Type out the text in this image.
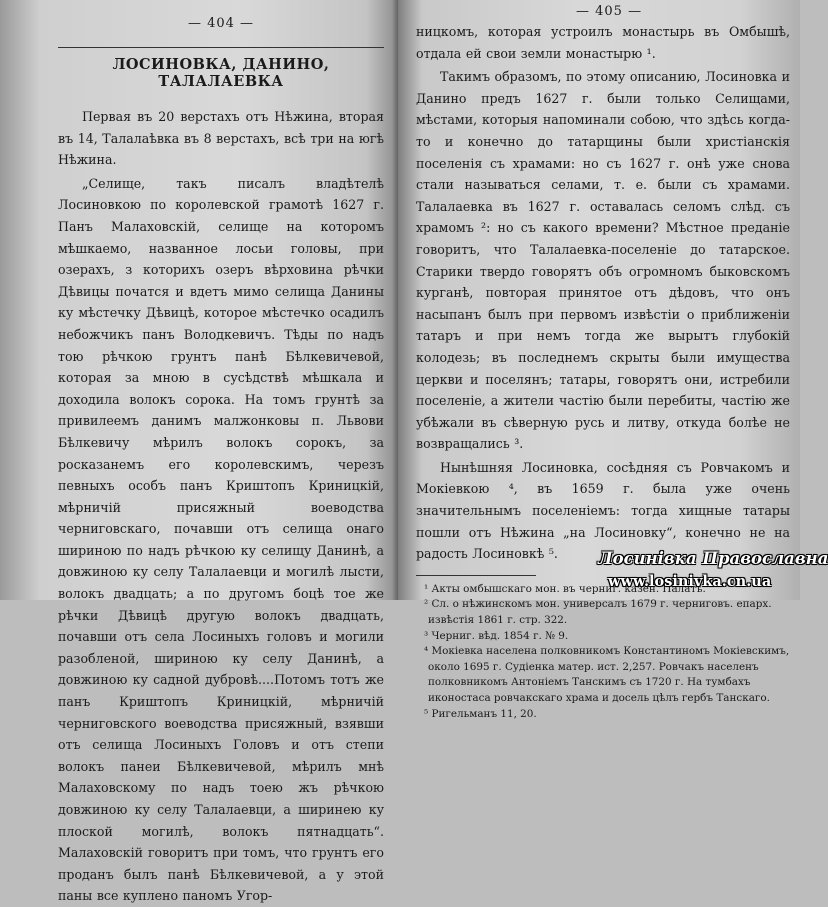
— 404 —
ЛОСИНОВКА, ДАНИНО, ТАЛАЛАЕВКА

Первая въ 20 верстахъ отъ Нѣжина, вторая въ 14, Талалаѣвка въ 8 верстахъ, всѣ три на югѣ Нѣжина.

„Селище, такъ писалъ владѣтелѣ Лосиновкою по королевской грамотѣ 1627 г. Панъ Малаховскій, селище на которомъ мѣшкаемо, названное лосьи головы, при озерахъ, з которихъ озеръ вѣрховина рѣчки Дѣвицы початся и вдетъ мимо селища Данины ку мѣстечку Дѣвицѣ, которое мѣстечко осадилъ небожчикъ панъ Володкевичъ. Тѣды по надъ тою рѣчкою грунтъ панѣ Бѣлкевичевой, которая за мною в сусѣдствѣ мѣшкала и доходила волокъ сорока. На томъ грунтѣ за привилеемъ данимъ малжонковы п. Львови Бѣлкевичу мѣрилъ волокъ сорокъ, за росказанемъ его королевскимъ, черезъ певныхъ особъ панъ Криштопъ Криницкій, мѣрничій присяжный воеводства черниговскаго, почавши отъ селища онаго шириною по надъ рѣчкою ку селищу Данинѣ, а довжиною ку селу Талалаевци и могилѣ лысти, волокъ двадцать; а по другомъ боцѣ тое же рѣчки Дѣвицѣ другую волокъ двадцать, почавши отъ села Лосиныхъ головъ и могили разобленой, шириною ку селу Данинѣ, а довжиною ку садной дубровѣ....Потомъ тотъ же панъ Криштопъ Криницкій, мѣрничій черниговского воеводства присяжный, взявши отъ селища Лосиныхъ Головъ и отъ степи волокъ панеи Бѣлкевичевой, мѣрилъ мнѣ Малаховскому по надъ тоею жъ рѣчкою довжиною ку селу Талалаевци, а ширинею ку плоской могилѣ, волокъ пятнадцать“. Малаховскій говоритъ при томъ, что грунтъ его проданъ былъ панѣ Бѣлкевичевой, а у этой паны все куплено паномъ Угор-

— 405 —

ницкомъ, которая устроилъ монастырь въ Омбышѣ, отдала ей свои земли монастырю ¹.

Такимъ образомъ, по этому описанию, Лосиновка и Данино предъ 1627 г. были только Селищами, мѣстами, которыя напоминали собою, что здѣсь когда-то и конечно до татарщины были христіанскія поселенія съ храмами: но съ 1627 г. онѣ уже снова стали называться селами, т. е. были съ храмами. Талалаевка въ 1627 г. оставалась селомъ слѣд. съ храмомъ ²: но съ какого времени? Мѣстное преданіе говоритъ, что Талалаевка-поселеніе до татарское. Старики твердо говорятъ объ огромномъ быковскомъ курганѣ, повторая принятое отъ дѣдовъ, что онъ насыпанъ былъ при первомъ извѣстіи о приближеніи татаръ и при немъ тогда же вырытъ глубокій колодезь; въ последнемъ скрыты были имущества церкви и поселянъ; татары, говорятъ они, истребили поселеніе, а жители частію были перебиты, частію же убѣжали въ сѣверную русь и литву, откуда болѣе не возвращались ³.

Нынѣшняя Лосиновка, сосѣдняя съ Ровчакомъ и Мокіевкою ⁴, въ 1659 г. была уже очень значительнымъ поселеніемъ: тогда хищные татары пошли отъ Нѣжина „на Лосиновку“, конечно не на радость Лосиновкѣ ⁵.

¹ Акты омбышскаго мон. въ черниг. казен. Палатѣ.
² Сл. о нѣжинскомъ мон. универсалъ 1679 г. черниговъ. епарх. извѣстія 1861 г. стр. 322.
³ Черниг. вѣд. 1854 г. № 9.
⁴ Мокіевка населена полковникомъ Константиномъ Мокіевскимъ, около 1695 г. Судіенка матер. ист. 2,257. Ровчакъ населенъ полковникомъ Антоніемъ Танскимъ съ 1720 г. На тумбахъ иконостаса ровчакскаго храма и досель цѣлъ гербъ Танскаго.
⁵ Ригельманъ 11, 20.
Лосинівка Православна
www.losinivka.cn.ua
